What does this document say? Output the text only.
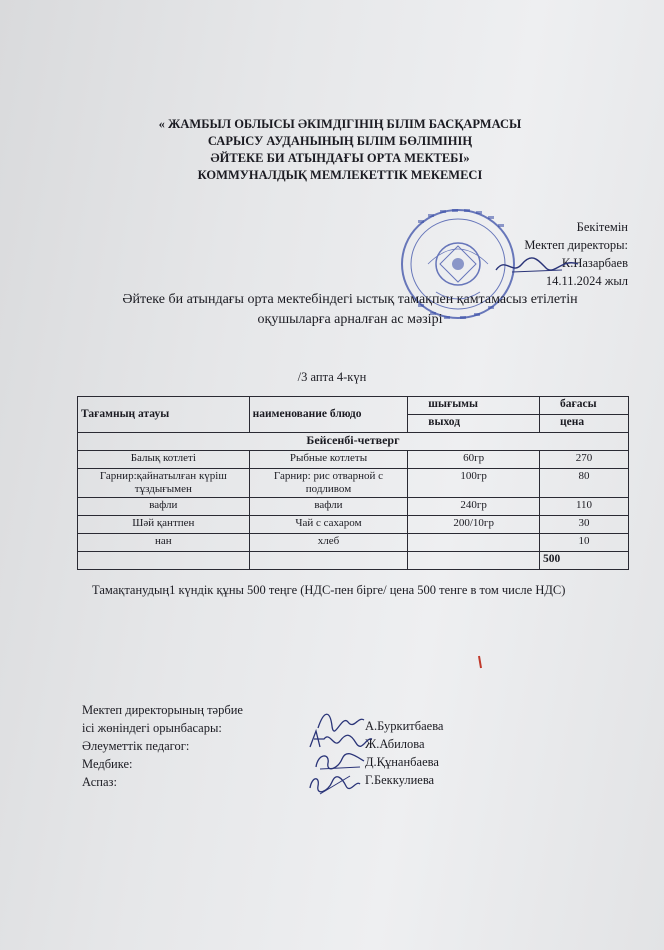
« ЖАМБЫЛ ОБЛЫСЫ ӘКІМДІГІНІҢ БІЛІМ БАСҚАРМАСЫ
САРЫСУ АУДАНЫНЫҢ БІЛІМ БӨЛІМІНІҢ
ӘЙТЕКЕ БИ АТЫНДАҒЫ ОРТА МЕКТЕБІ»
КОММУНАЛДЫҚ МЕМЛЕКЕТТІК МЕКЕМЕСІ
Бекітемін
Мектеп директоры:
К.Назарбаев
14.11.2024 жыл
Әйтеке би атындағы орта мектебіндегі ыстық тамақпен қамтамасыз етілетін
оқушыларға арналған ас мәзірі
/3 апта 4-күн
Тағамның атауы	наименование блюдо	шығымы	бағасы
		выход	цена
Бейсенбі-четверг			
Балық котлеті	Рыбные котлеты	60гр	270
Гарнир:қайнатылған күріш тұздығымен	Гарнир: рис отварной с подливом	100гр	80
вафли	вафли	240гр	110
Шәй қантпен	Чай с сахаром	200/10гр	30
нан	хлеб		10
			500
Тамақтанудың1 күндік құны 500 теңге (НДС-пен бірге/ цена 500 тенге в том числе НДС)
Мектеп директорының тәрбие
ісі жөніндегі орынбасары:
Әлеуметтік педагог:
Медбике:
Аспаз:
А.Буркитбаева
Ж.Абилова
Д.Құнанбаева
Г.Беккулиева
